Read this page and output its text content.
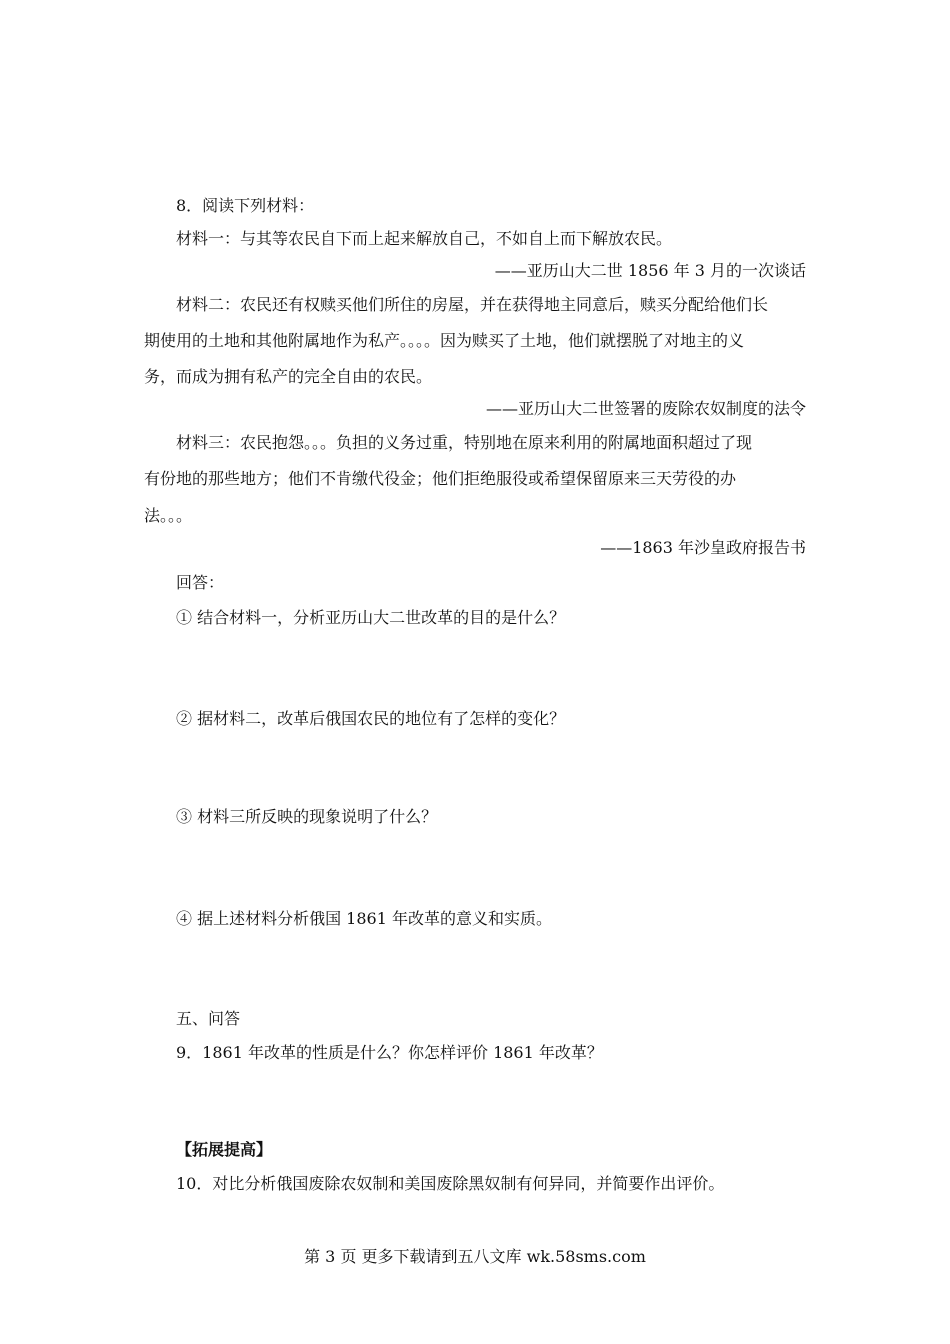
8．阅读下列材料：
材料一：与其等农民自下而上起来解放自己，不如自上而下解放农民。
——亚历山大二世 1856 年 3 月的一次谈话
材料二：农民还有权赎买他们所住的房屋，并在获得地主同意后，赎买分配给他们长
期使用的土地和其他附属地作为私产。。。。因为赎买了土地，他们就摆脱了对地主的义
务，而成为拥有私产的完全自由的农民。
——亚历山大二世签署的废除农奴制度的法令
材料三：农民抱怨。。。负担的义务过重，特别地在原来利用的附属地面积超过了现
有份地的那些地方；他们不肯缴代役金；他们拒绝服役或希望保留原来三天劳役的办
法。。。
——1863 年沙皇政府报告书
回答：
① 结合材料一，分析亚历山大二世改革的目的是什么？
② 据材料二，改革后俄国农民的地位有了怎样的变化？
③ 材料三所反映的现象说明了什么？
④ 据上述材料分析俄国 1861 年改革的意义和实质。
五、问答
9．1861 年改革的性质是什么？你怎样评价 1861 年改革？
【拓展提高】
10．对比分析俄国废除农奴制和美国废除黑奴制有何异同，并简要作出评价。
第 3 页 更多下载请到五八文库 wk.58sms.com
